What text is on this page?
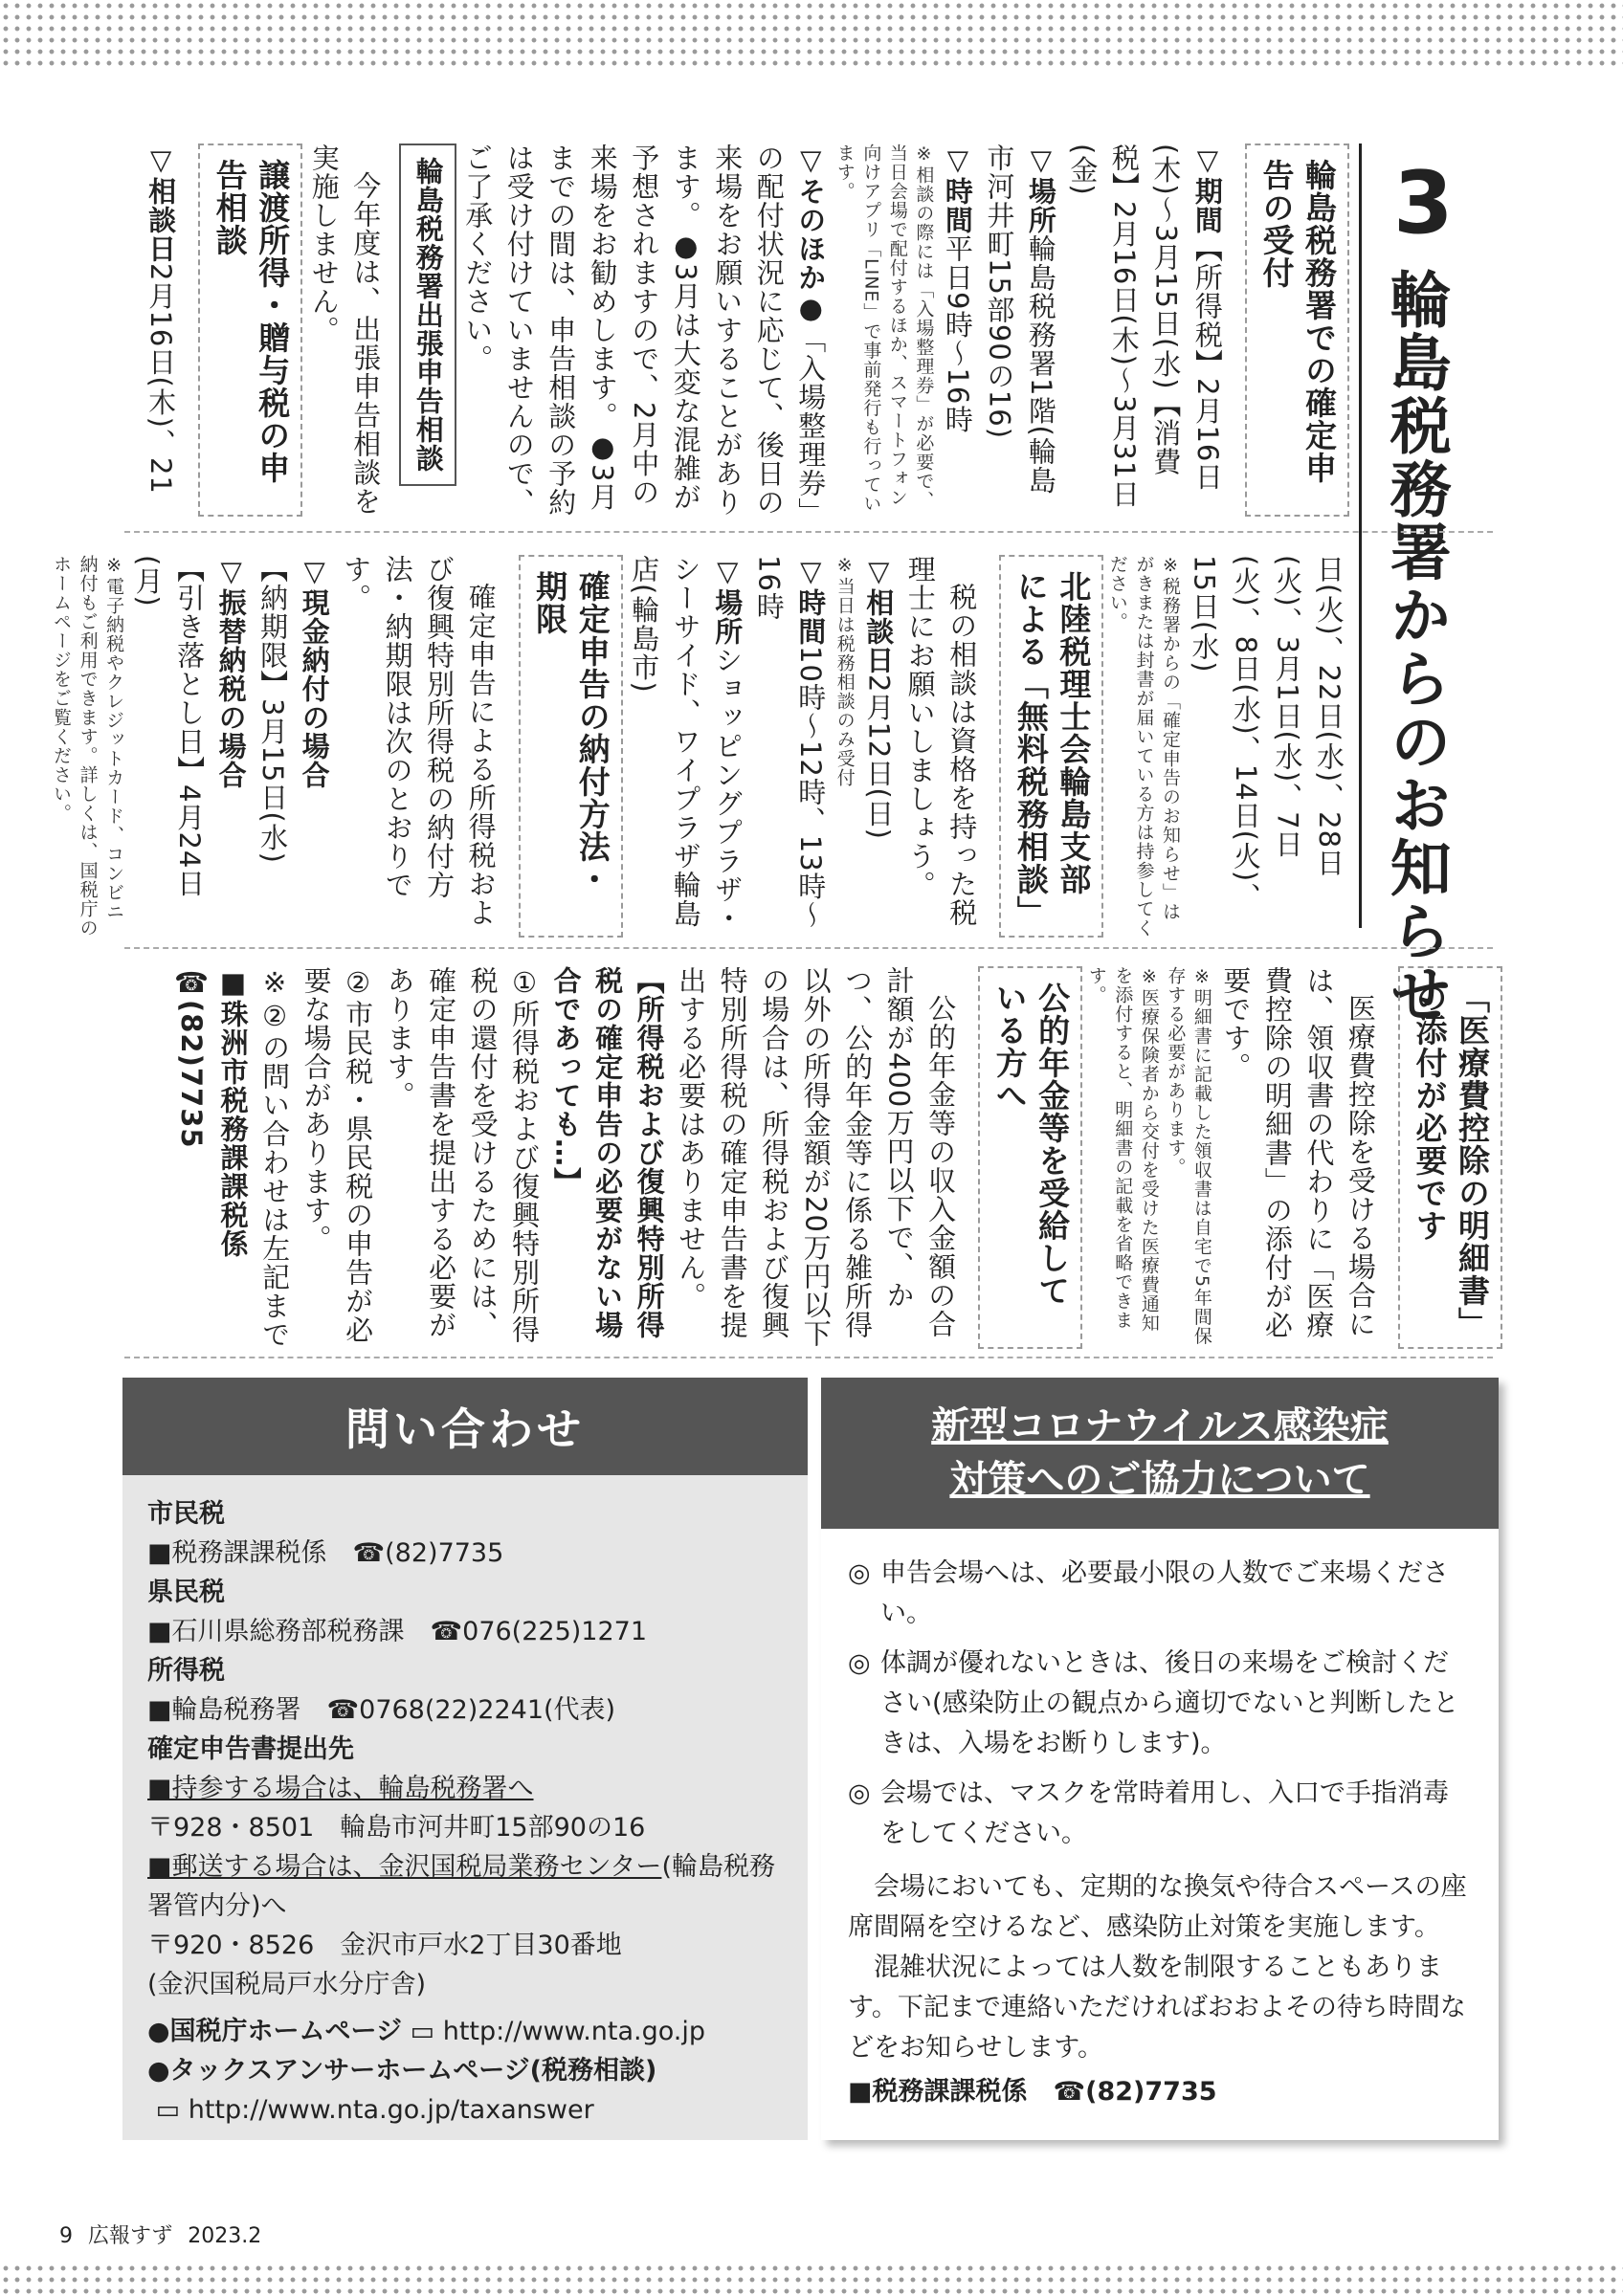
3
輪島税務署からのお知らせ
輪島税務署での確定申告の受付

▽期間【所得税】2月16日(木)〜3月15日(水)【消費税】2月16日(木)〜3月31日(金)

▽場所輪島税務署1階(輪島市河井町15部90の16)

▽時間平日9時〜16時

※相談の際には「入場整理券」が必要で、当日会場で配付するほか、スマートフォン向けアプリ「LINE」で事前発行も行っています。

▽そのほか●「入場整理券」の配付状況に応じて、後日の来場をお願いすることがあります。●3月は大変な混雑が予想されますので、2月中の来場をお勧めします。●3月までの間は、申告相談の予約は受け付けていませんので、ご了承ください。

輪島税務署出張申告相談

今年度は、出張申告相談を実施しません。

譲渡所得・贈与税の申告相談

▽相談日2月16日(木)、21

日(火)、22日(水)、28日(火)、3月1日(水)、7日(火)、8日(水)、14日(火)、15日(水)

※税務署からの「確定申告のお知らせ」はがきまたは封書が届いている方は持参してください。

北陸税理士会輪島支部による「無料税務相談」

税の相談は資格を持った税理士にお願いしましょう。

▽相談日2月12日(日)

※当日は税務相談のみ受付

▽時間10時〜12時、13時〜16時

▽場所ショッピングプラザ・シーサイド、ワイプラザ輪島店(輪島市)

確定申告の納付方法・期限

確定申告による所得税および復興特別所得税の納付方法・納期限は次のとおりです。

▽現金納付の場合

【納期限】3月15日(水)

▽振替納税の場合

【引き落とし日】4月24日(月)

※電子納税やクレジットカード、コンビニ納付もご利用できます。詳しくは、国税庁のホームページをご覧ください。

「医療費控除の明細書」の添付が必要です

医療費控除を受ける場合には、領収書の代わりに「医療費控除の明細書」の添付が必要です。

※明細書に記載した領収書は自宅で5年間保存する必要があります。

※医療保険者から交付を受けた医療費通知を添付すると、明細書の記載を省略できます。

公的年金等を受給している方へ

公的年金等の収入金額の合計額が400万円以下で、かつ、公的年金等に係る雑所得以外の所得金額が20万円以下の場合は、所得税および復興特別所得税の確定申告書を提出する必要はありません。

【所得税および復興特別所得税の確定申告の必要がない場合であっても…】

①所得税および復興特別所得税の還付を受けるためには、確定申告書を提出する必要があります。

②市民税・県民税の申告が必要な場合があります。

※②の問い合わせは左記まで

■珠洲市税務課課税係☎(82)7735

問い合わせ
市民税
■税務課課税係　☎(82)7735
県民税
■石川県総務部税務課　☎076(225)1271
所得税
■輪島税務署　☎0768(22)2241(代表)
確定申告書提出先
■持参する場合は、輪島税務署へ
〒928・8501　輪島市河井町15部90の16
■郵送する場合は、金沢国税局業務センター(輪島税務署管内分)へ
〒920・8526　金沢市戸水2丁目30番地
(金沢国税局戸水分庁舎)
●国税庁ホームページ ▭ http://www.nta.go.jp
●タックスアンサーホームページ(税務相談)
▭ http://www.nta.go.jp/taxanswer
新型コロナウイルス感染症
対策へのご協力について
◎ 申告会場へは、必要最小限の人数でご来場ください。
◎ 体調が優れないときは、後日の来場をご検討ください(感染防止の観点から適切でないと判断したときは、入場をお断りします)。
◎ 会場では、マスクを常時着用し、入口で手指消毒をしてください。
会場においても、定期的な換気や待合スペースの座席間隔を空けるなど、感染防止対策を実施します。
混雑状況によっては人数を制限することもあります。下記まで連絡いただければおおよその待ち時間などをお知らせします。
■税務課課税係　☎(82)7735
9 広報すず 2023.2
